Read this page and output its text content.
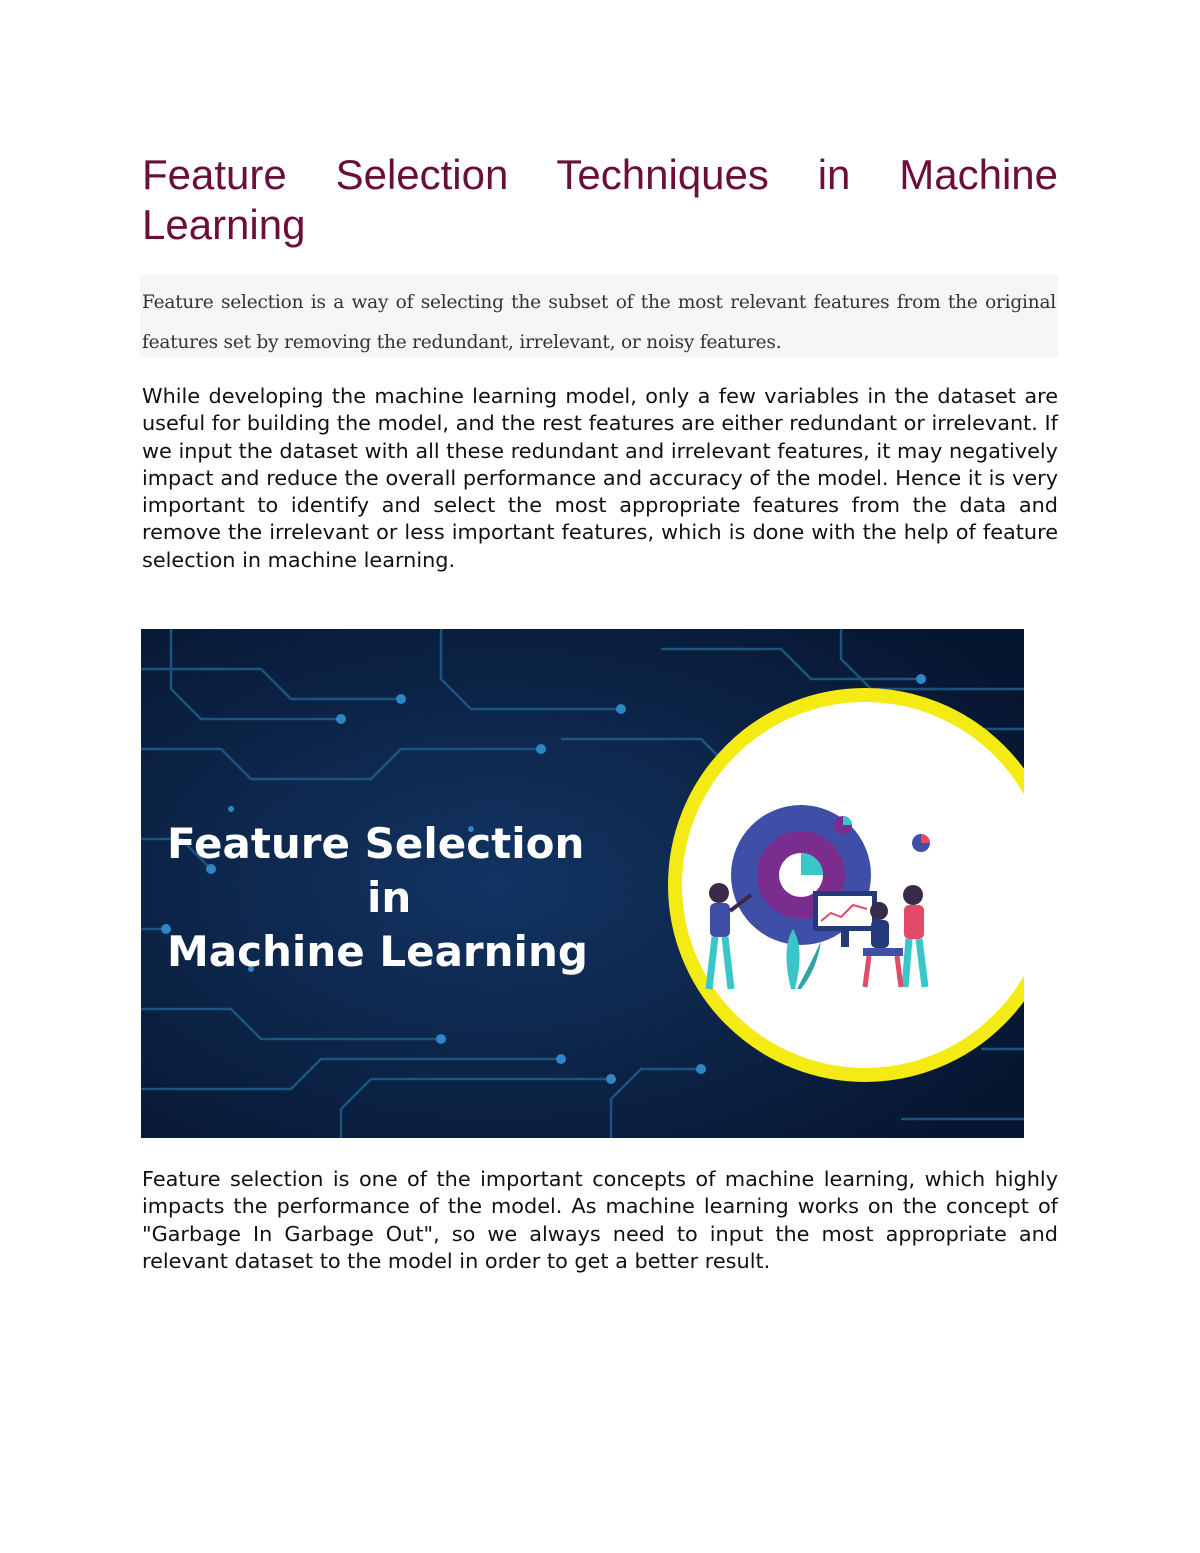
Feature Selection Techniques in Machine Learning
Feature selection is a way of selecting the subset of the most relevant features from the original features set by removing the redundant, irrelevant, or noisy features.

While developing the machine learning model, only a few variables in the dataset are useful for building the model, and the rest features are either redundant or irrelevant. If we input the dataset with all these redundant and irrelevant features, it may negatively impact and reduce the overall performance and accuracy of the model. Hence it is very important to identify and select the most appropriate features from the data and remove the irrelevant or less important features, which is done with the help of feature selection in machine learning.

Feature Selection
in
Machine Learning

Feature selection is one of the important concepts of machine learning, which highly impacts the performance of the model. As machine learning works on the concept of "Garbage In Garbage Out", so we always need to input the most appropriate and relevant dataset to the model in order to get a better result.
